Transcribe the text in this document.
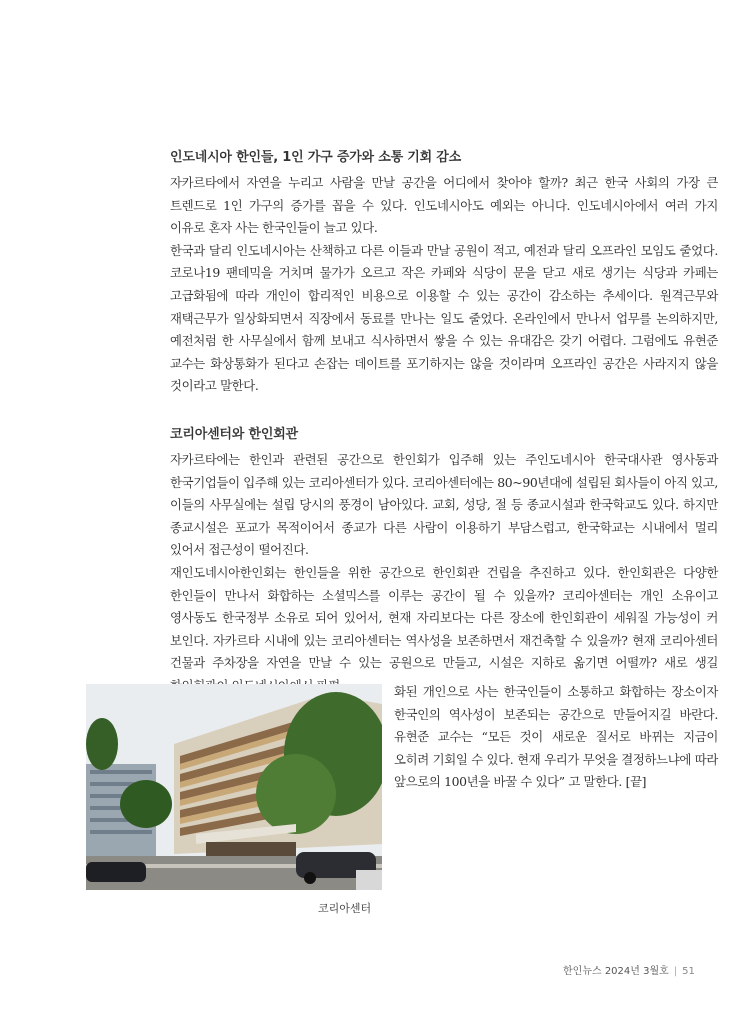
인도네시아 한인들, 1인 가구 증가와 소통 기회 감소

자카르타에서 자연을 누리고 사람을 만날 공간을 어디에서 찾아야 할까? 최근 한국 사회의 가장 큰 트렌드로 1인 가구의 증가를 꼽을 수 있다. 인도네시아도 예외는 아니다. 인도네시아에서 여러 가지 이유로 혼자 사는 한국인들이 늘고 있다.

한국과 달리 인도네시아는 산책하고 다른 이들과 만날 공원이 적고, 예전과 달리 오프라인 모임도 줄었다. 코로나19 팬데믹을 거치며 물가가 오르고 작은 카페와 식당이 문을 닫고 새로 생기는 식당과 카페는 고급화됨에 따라 개인이 합리적인 비용으로 이용할 수 있는 공간이 감소하는 추세이다. 원격근무와 재택근무가 일상화되면서 직장에서 동료를 만나는 일도 줄었다. 온라인에서 만나서 업무를 논의하지만, 예전처럼 한 사무실에서 함께 보내고 식사하면서 쌓을 수 있는 유대감은 갖기 어렵다. 그럼에도 유현준 교수는 화상통화가 된다고 손잡는 데이트를 포기하지는 않을 것이라며 오프라인 공간은 사라지지 않을 것이라고 말한다.

코리아센터와 한인회관

자카르타에는 한인과 관련된 공간으로 한인회가 입주해 있는 주인도네시아 한국대사관 영사동과 한국기업들이 입주해 있는 코리아센터가 있다. 코리아센터에는 80~90년대에 설립된 회사들이 아직 있고, 이들의 사무실에는 설립 당시의 풍경이 남아있다. 교회, 성당, 절 등 종교시설과 한국학교도 있다. 하지만 종교시설은 포교가 목적이어서 종교가 다른 사람이 이용하기 부담스럽고, 한국학교는 시내에서 멀리 있어서 접근성이 떨어진다.

재인도네시아한인회는 한인들을 위한 공간으로 한인회관 건립을 추진하고 있다. 한인회관은 다양한 한인들이 만나서 화합하는 소셜믹스를 이루는 공간이 될 수 있을까? 코리아센터는 개인 소유이고 영사동도 한국정부 소유로 되어 있어서, 현재 자리보다는 다른 장소에 한인회관이 세워질 가능성이 커 보인다. 자카르타 시내에 있는 코리아센터는 역사성을 보존하면서 재건축할 수 있을까? 현재 코리아센터 건물과 주차장을 자연을 만날 수 있는 공원으로 만들고, 시설은 지하로 옮기면 어떨까? 새로 생길

코리아센터

화된 개인으로 사는 한국인들이 소통하고 화합하는 장소이자 한국인의 역사성이 보존되는 공간으로 만들어지길 바란다. 유현준 교수는 “모든 것이 새로운 질서로 바뀌는 지금이 오히려 기회일 수 있다. 현재 우리가 무엇을 결정하느냐에 따라 앞으로의 100년을 바꿀 수 있다” 고 말한다. [끝]

한인뉴스 2024년 3월호 | 51
